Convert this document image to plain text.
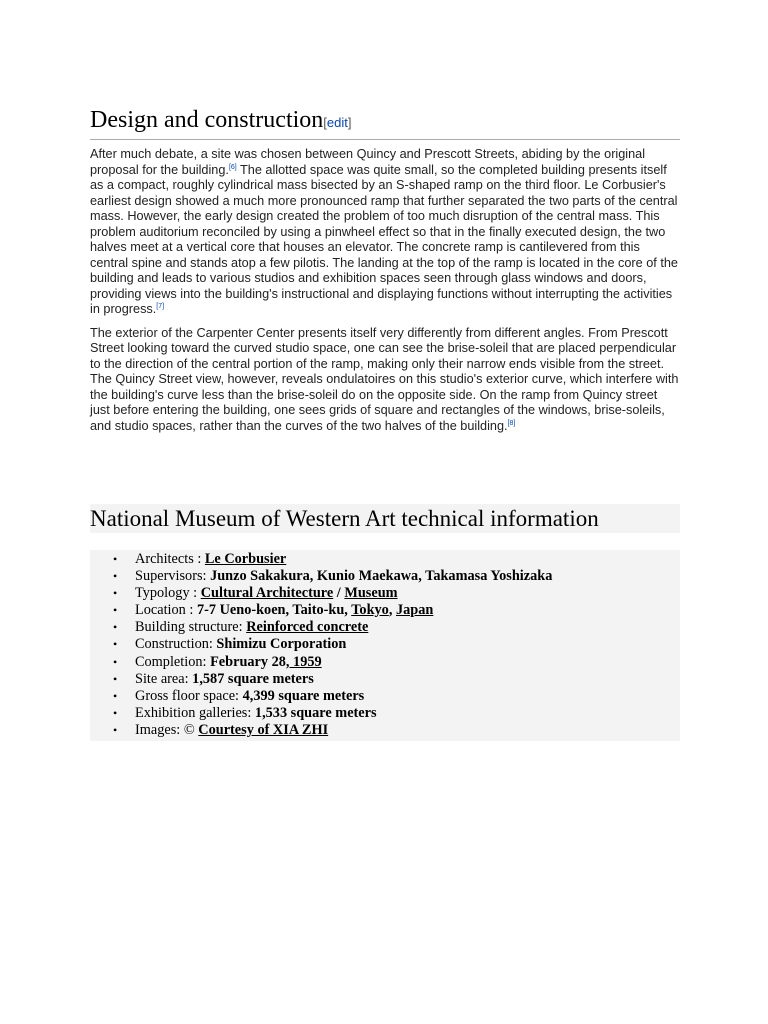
Design and construction[edit]

After much debate, a site was chosen between Quincy and Prescott Streets, abiding by the original proposal for the building.[6] The allotted space was quite small, so the completed building presents itself as a compact, roughly cylindrical mass bisected by an S-shaped ramp on the third floor. Le Corbusier's earliest design showed a much more pronounced ramp that further separated the two parts of the central mass. However, the early design created the problem of too much disruption of the central mass. This problem auditorium reconciled by using a pinwheel effect so that in the finally executed design, the two halves meet at a vertical core that houses an elevator. The concrete ramp is cantilevered from this central spine and stands atop a few pilotis. The landing at the top of the ramp is located in the core of the building and leads to various studios and exhibition spaces seen through glass windows and doors, providing views into the building's instructional and displaying functions without interrupting the activities in progress.[7]

The exterior of the Carpenter Center presents itself very differently from different angles. From Prescott Street looking toward the curved studio space, one can see the brise-soleil that are placed perpendicular to the direction of the central portion of the ramp, making only their narrow ends visible from the street. The Quincy Street view, however, reveals ondulatoires on this studio's exterior curve, which interfere with the building's curve less than the brise-soleil do on the opposite side. On the ramp from Quincy street just before entering the building, one sees grids of square and rectangles of the windows, brise-soleils, and studio spaces, rather than the curves of the two halves of the building.[8]

National Museum of Western Art technical information
• Architects : Le Corbusier
• Supervisors: Junzo Sakakura, Kunio Maekawa, Takamasa Yoshizaka
• Typology : Cultural Architecture / Museum
• Location : 7-7 Ueno-koen, Taito-ku, Tokyo, Japan
• Building structure: Reinforced concrete
• Construction: Shimizu Corporation
• Completion: February 28, 1959
• Site area: 1,587 square meters
• Gross floor space: 4,399 square meters
• Exhibition galleries: 1,533 square meters
• Images: © Courtesy of XIA ZHI
